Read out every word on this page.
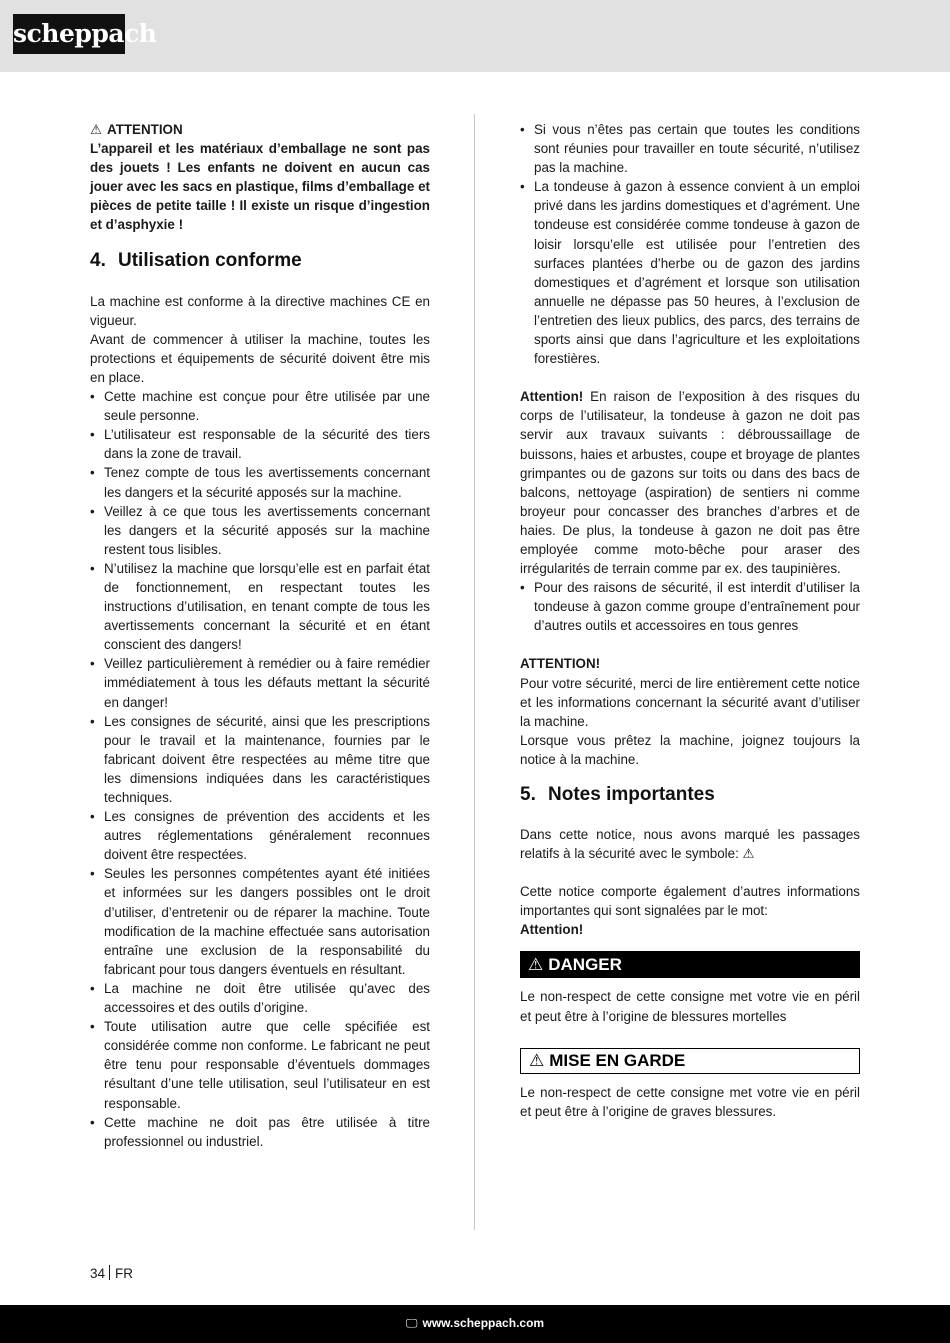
scheppach

⚠ ATTENTION

L’appareil et les matériaux d’emballage ne sont pas des jouets ! Les enfants ne doivent en aucun cas jouer avec les sacs en plastique, films d’emballage et pièces de petite taille ! Il existe un risque d’ingestion et d’asphyxie !

4. Utilisation conforme

La machine est conforme à la directive machines CE en vigueur.

Avant de commencer à utiliser la machine, toutes les protections et équipements de sécurité doivent être mis en place.

• Cette machine est conçue pour être utilisée par une seule personne.
• L’utilisateur est responsable de la sécurité des tiers dans la zone de travail.
• Tenez compte de tous les avertissements concernant les dangers et la sécurité apposés sur la machine.
• Veillez à ce que tous les avertissements concernant les dangers et la sécurité apposés sur la machine restent tous lisibles.
• N’utilisez la machine que lorsqu’elle est en parfait état de fonctionnement, en respectant toutes les instructions d’utilisation, en tenant compte de tous les avertissements concernant la sécurité et en étant conscient des dangers!
• Veillez particulièrement à remédier ou à faire remédier immédiatement à tous les défauts mettant la sécurité en danger!
• Les consignes de sécurité, ainsi que les prescriptions pour le travail et la maintenance, fournies par le fabricant doivent être respectées au même titre que les dimensions indiquées dans les caractéristiques techniques.
• Les consignes de prévention des accidents et les autres réglementations généralement reconnues doivent être respectées.
• Seules les personnes compétentes ayant été initiées et informées sur les dangers possibles ont le droit d’utiliser, d’entretenir ou de réparer la machine. Toute modification de la machine effectuée sans autorisation entraîne une exclusion de la responsabilité du fabricant pour tous dangers éventuels en résultant.
• La machine ne doit être utilisée qu’avec des accessoires et des outils d’origine.
• Toute utilisation autre que celle spécifiée est considérée comme non conforme. Le fabricant ne peut être tenu pour responsable d’éventuels dommages résultant d’une telle utilisation, seul l’utilisateur en est responsable.
• Cette machine ne doit pas être utilisée à titre professionnel ou industriel.
• Si vous n’êtes pas certain que toutes les conditions sont réunies pour travailler en toute sécurité, n’utilisez pas la machine.
• La tondeuse à gazon à essence convient à un emploi privé dans les jardins domestiques et d’agrément. Une tondeuse est considérée comme tondeuse à gazon de loisir lorsqu’elle est utilisée pour l’entretien des surfaces plantées d’herbe ou de gazon des jardins domestiques et d’agrément et lorsque son utilisation annuelle ne dépasse pas 50 heures, à l’exclusion de l’entretien des lieux publics, des parcs, des terrains de sports ainsi que dans l’agriculture et les exploitations forestières.

Attention! En raison de l’exposition à des risques du corps de l’utilisateur, la tondeuse à gazon ne doit pas servir aux travaux suivants : débroussaillage de buissons, haies et arbustes, coupe et broyage de plantes grimpantes ou de gazons sur toits ou dans des bacs de balcons, nettoyage (aspiration) de sentiers ni comme broyeur pour concasser des branches d’arbres et de haies. De plus, la tondeuse à gazon ne doit pas être employée comme moto-bêche pour araser des irrégularités de terrain comme par ex. des taupinières.

• Pour des raisons de sécurité, il est interdit d’utiliser la tondeuse à gazon comme groupe d’entraînement pour d’autres outils et accessoires en tous genres

ATTENTION!

Pour votre sécurité, merci de lire entièrement cette notice et les informations concernant la sécurité avant d’utiliser la machine.

Lorsque vous prêtez la machine, joignez toujours la notice à la machine.

5. Notes importantes

Dans cette notice, nous avons marqué les passages relatifs à la sécurité avec le symbole: ⚠

Cette notice comporte également d’autres informations importantes qui sont signalées par le mot:

Attention!

⚠ DANGER

Le non-respect de cette consigne met votre vie en péril et peut être à l’origine de blessures mortelles

⚠ MISE EN GARDE

Le non-respect de cette consigne met votre vie en péril et peut être à l’origine de graves blessures.

34 FR
🖵 www.scheppach.com
